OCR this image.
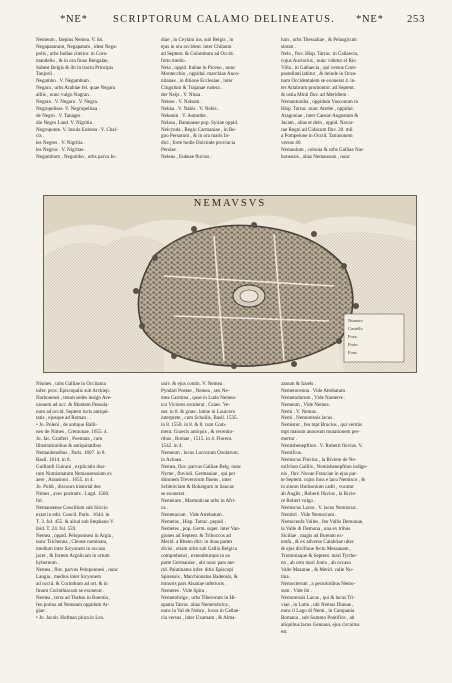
*NE* SCRIPTORUM CALAMO DELINEATUS. *NE* 253
Nemeum , faepius Nemea. V. ibi.
Negapatanum, Negapatam , idest Nega-
polis , urbs Indiae citerior. in Coro-
mandelio , & in ora finus Bengalae,
Subest Belgis & ibi in tractu Principis
Tanjorii .
Negambo . V. Negambum .
Negara , urbs Arabiae fel. quae Negara
alliis , nunc vulgo Nagran .
Negran . V. Negara . V. Negra.
Negropelisse. V. Negropelissa .
de Negro . V. Tanager .
die Negro Land. V. Nigritia .
Negroponte. V. Insula Euboea . V. Chal-
cis .
les Negres . V. Nigritia .
les Negros . V. Nigritae .
Negumbum , Negombo , urbs parva In-
diae , in Ceylani ins. sub Belgis , in
ejus in ora occident. inter Chilaum
ad Septent. & Columbum ad Occid.
freto medio .
Neia , oppid. Italiae in Piceno , nunc
Montecchio , oppidul. marchiae Anco-
nitanae , in ditione Ecclesiae , inter
Cingulum & Trajanae rudera .
der Neijs . V. Nissa .
Neisse . V. Nalsam .
Nekka . V. Nabis . V. Nebis .
Nekenin . V. Asmuthe .
Nelasa , Batanaeae pop. Syriae oppid.
Nelcynda , Regio Carmaniae , in Re-
gno Persarum , & in ora maris In-
dici , forte hodie Dolcinde provincia
Persiae .
Neleus , Eubeae fluvius .
lum , urbs Thessaliae , & Pelasgicum
sinum .
Nelo , fluv. Hisp. Tarrac. in Callaecia,
cujus Auctorius , nunc videtur el Rio
Villa , in Gallaecia , qui versus Com-
postellam labitur , & deinde in Ocea-
num Occidentalem se exonerat 4. in-
ter Artabrum promontor. ad Septent.
& ostia Minii fluv. ad Meridiem .
Nemantuniba , oppidum Vasconum in
Hisp. Tarrac. nunc Atrebe , oppidul.
Aragoniae , inter Caesar-Augustam &
Jacam , alias et dein , oppid. Navar-
rae Regni ad Cidacum fluv. 20. mil.
a Pompelone in Occid. Tarrasonem
versus 40.
Nemaulum , colonia & urbs Galliae Nar-
bonensis , alias Nemausum , nunc
Numero
Castello
Pozz.
Porte
Fons
NEMAVSVS
Nismes , urbs Galliae in Occitania
infer. prov. Episcopalis sub Archiep.
Narbonensi , tenuit sedes insign Ave-
nionem ad occ. & Montem Pessula-
num ad occid. Septem locis antiqui-
tatis , ejusque ad Roman . .
• Jo. Poleni , de antiquo Balli-
neo de Nimes , Cremonae, 1655. 4.
Jo. Jac. Graiferi , Poemata , cum
Illustrationibus & antiquitatibus
Nemaulensibus , Paris. 1607. in 8.
Basil. 1614. in 8.
Guillardi Guirani , explicatio duo-
rum Numismatum Nemausensium ex
aere , Arausioni . 1655. in 4.
Jo. Poldi , discours historial des
Nimes , avec portraits . Lugd. 1560.
fol.
Nemausense Concilium sub Siricio
extat in edit. Concil. Paris . 1644. in
T. 3. fol. 455. & aliud sub Stephano V.
ibid. T. 24. fol. 559.
Nemea , oppid. Peloponnesi in Argia ,
nunc Trichenna , Cleone nominata,
medium inter Sicyonem in occasu
jacet , & fortem Argolicam in ortum
hybernum .
Nemea , fluv. parvus Peloponnesi , nunc
Langia , medius inter Sicyonem
ad occid. & Corinthum ad ort. & in
finum Corinthiacum se exonerat .
Nemea , terra ad Thebas in Boeotia ,
feu potius ad Nemeam oppidum Ar-
giae .
• Jo. Jacob. Hofman plura in Lex.
univ. & ejus contin. V. Nemea .
Pyndari Poetae , Nemea , seu Ne-
mea Carmina , quae in Ludo Nemea-
ico Victores extulerat , Graec. Ve-
net. in 8. & graec. latine in Louicero
interprete , cum Scholiis, Basil. 1535.
in 8. 1558. in 8. & 8. cum Com-
ment. Graecis antiquis , & recentio-
ribus , Romae , 1515. in 4. Florent.
1542. in 4.
Nemeum , locus Locrorum Ozolarum,
in Achaea .
Nemea, fluv. parvus Galliae Belg. nunc
Nyme , fluvioli. Germaniae , qui per
ditionem Treverorum fluens , inter
Schleirciam & Bohatgum in Saucas
se exonerat .
Nemeium , Marmaticae urbs in Afri-
ca .
Nemetacum . Vide Atrebatum .
Nemetas , Hisp. Tarrac. populi .
Nemetes , pop. Germ. super. inter Van-
giones ad Septent. & Triboccos ad
Merid. a Rheno dict. in duas partes
divisi , etiam olim sub Gallia Belgica
comprehensi , extenditurque in ea
parte Germaniae , ubi nunc pars me-
rid. Palatinatus infer. ditio Episcopi
Spirensis , Marchionatus Badensis, &
minoris pars Alsatiae inferioris .
Nemetes . Vide Spira .
Nemetobriga , urbs Tiberorum in Hi-
spania Tarrac. alias Nemetobrica ,
nunc la Val de Nobra , locus in Callae-
cia versus , inter Uxamam , & Alma-
zanum & Izuels .
Nemetocenna . Vide Atrebatum .
Nemetodurum , Vide Nanterre .
Nemeum , Vide Nemea .
Nemi . V. Nemus .
Nemi , Nemorensis lacus .
Nemistor , feu mpt Brucius , qui vermis
mpt manum annorum mutationem per-
mertur .
Nemishenepftion . V. Roberti fluvius. V.
Nemifcus.
Nemiscus Fluvius , la Riviere de Ne-
mifchon Galliis , Nemishenepftion indige-
nis , fluv. Novae Franciae in ejus par-
te Septent. cujus fons e lacu Nemisco , &
in sinum Hudsonium cadit , vocatur
ab Anglis , Roberti fluvius , la Rivie-
re Robert vulgo .
Nemiscus Lacus . V. lacus Nemiscus .
Nemitri . Vide Nemocium .
Nemocenfa Valles , feu Vallis Demonae,
la Valle di Demona , una ex tribus
Siciliae , magis ad Boream ex-
tenfa , & ex adverso Calabriae ulter.
& ejus divifione fecto Messanam ,
Trominiaque & Septent. mari Tyrrhe-
no , ab ortu mari Jonio , ab occasu
Valle Mazarae , & Merid. valle No-
tina .
Nemocterum , a pectolotibus Nemo-
sum . Vide ibi .
Nemorensis Lacus , qui & lacus Tri-
viae , in Latio , ubi Nemus Dianae ,
nunc il Lago di Nemi , in Campania
Romana , sub Summo Pontifice , ab
aliquibus lacus Gennaui, ejus circuitus
est
